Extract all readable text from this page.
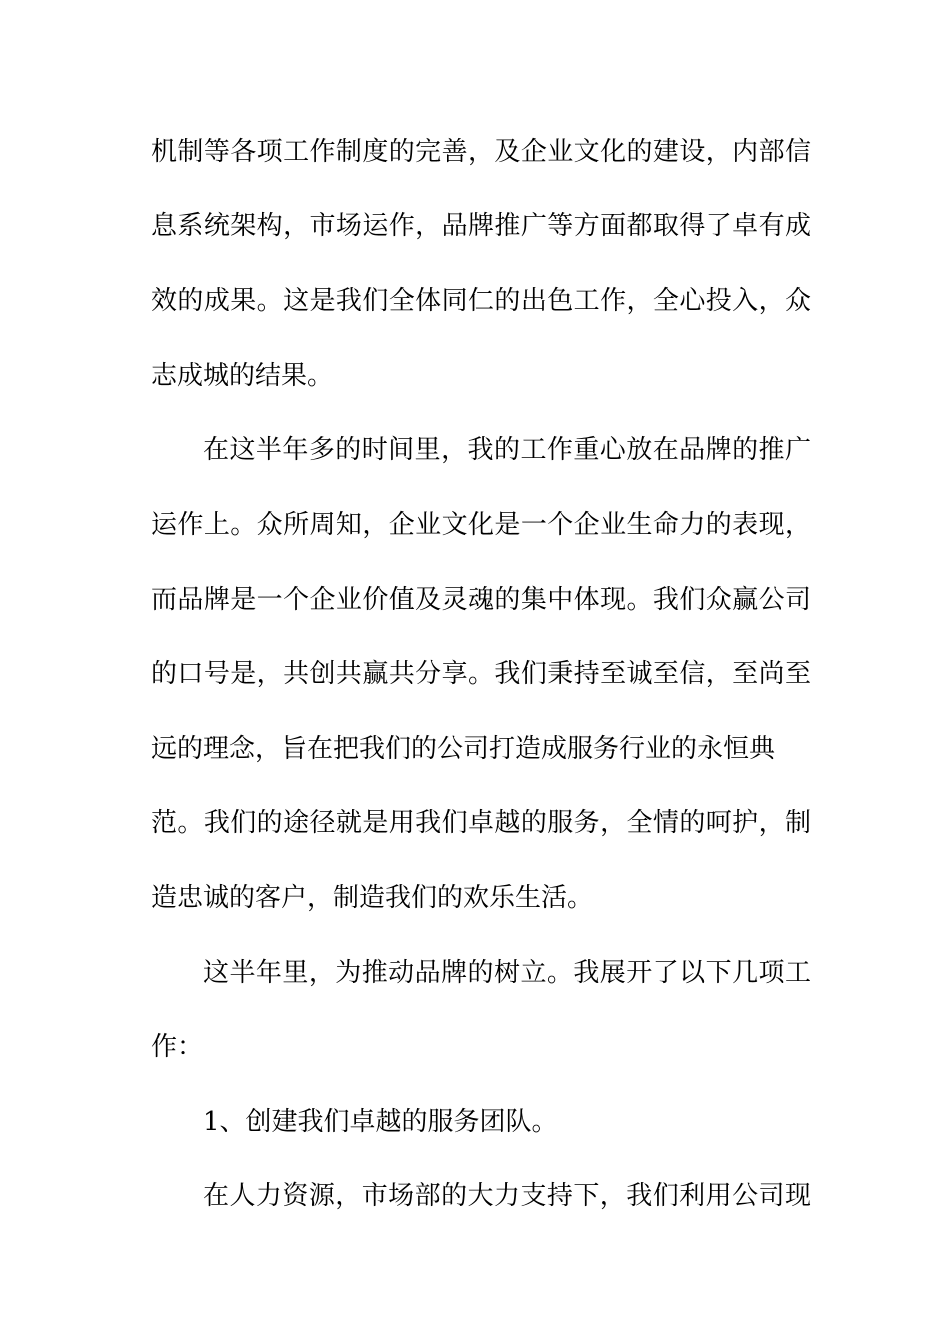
机制等各项工作制度的完善，及企业文化的建设，内部信
息系统架构，市场运作，品牌推广等方面都取得了卓有成
效的成果。这是我们全体同仁的出色工作，全心投入，众
志成城的结果。
在这半年多的时间里，我的工作重心放在品牌的推广
运作上。众所周知，企业文化是一个企业生命力的表现，
而品牌是一个企业价值及灵魂的集中体现。我们众赢公司
的口号是，共创共赢共分享。我们秉持至诚至信，至尚至
远的理念，旨在把我们的公司打造成服务行业的永恒典
范。我们的途径就是用我们卓越的服务，全情的呵护，制
造忠诚的客户，制造我们的欢乐生活。
这半年里，为推动品牌的树立。我展开了以下几项工
作：
1、创建我们卓越的服务团队。
在人力资源，市场部的大力支持下，我们利用公司现
